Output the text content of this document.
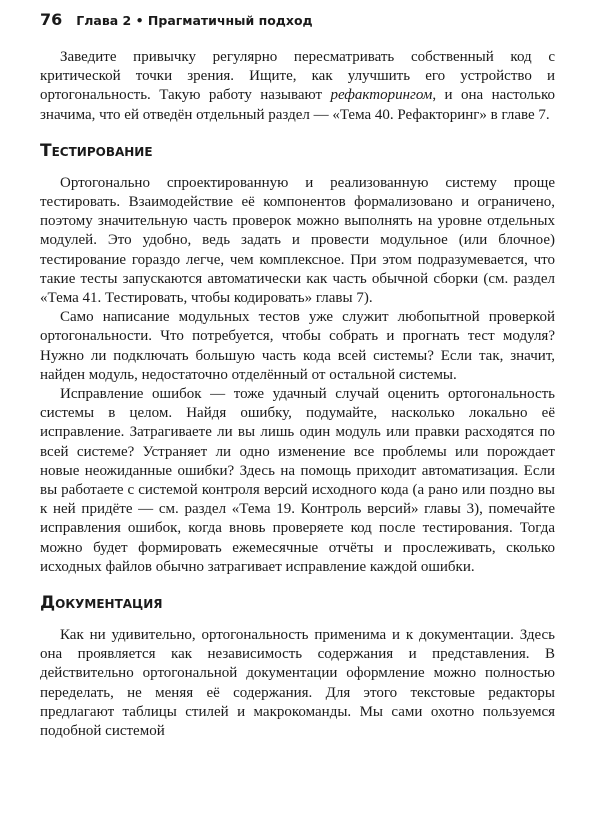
76 Глава 2 • Прагматичный подход

Заведите привычку регулярно пересматривать собственный код с критической точки зрения. Ищите, как улучшить его устройство и ортогональность. Такую работу называют рефакторингом, и она настолько значима, что ей отведён отдельный раздел — «Тема 40. Рефакторинг» в главе 7.

Тестирование

Ортогонально спроектированную и реализованную систему проще тестировать. Взаимодействие её компонентов формализовано и ограничено, поэтому значительную часть проверок можно выполнять на уровне отдельных модулей. Это удобно, ведь задать и провести модульное (или блочное) тестирование гораздо легче, чем комплексное. При этом подразумевается, что такие тесты запускаются автоматически как часть обычной сборки (см. раздел «Тема 41. Тестировать, чтобы кодировать» главы 7).

Само написание модульных тестов уже служит любопытной проверкой ортогональности. Что потребуется, чтобы собрать и прогнать тест модуля? Нужно ли подключать большую часть кода всей системы? Если так, значит, найден модуль, недостаточно отделённый от остальной системы.

Исправление ошибок — тоже удачный случай оценить ортогональность системы в целом. Найдя ошибку, подумайте, насколько локально её исправление. Затрагиваете ли вы лишь один модуль или правки расходятся по всей системе? Устраняет ли одно изменение все проблемы или порождает новые неожиданные ошибки? Здесь на помощь приходит автоматизация. Если вы работаете с системой контроля версий исходного кода (а рано или поздно вы к ней придёте — см. раздел «Тема 19. Контроль версий» главы 3), помечайте исправления ошибок, когда вновь проверяете код после тестирования. Тогда можно будет формировать ежемесячные отчёты и прослеживать, сколько исходных файлов обычно затрагивает исправление каждой ошибки.

Документация

Как ни удивительно, ортогональность применима и к документации. Здесь она проявляется как независимость содержания и представления. В действительно ортогональной документации оформление можно полностью переделать, не меняя её содержания. Для этого текстовые редакторы предлагают таблицы стилей и макрокоманды. Мы сами охотно пользуемся подобной системой
